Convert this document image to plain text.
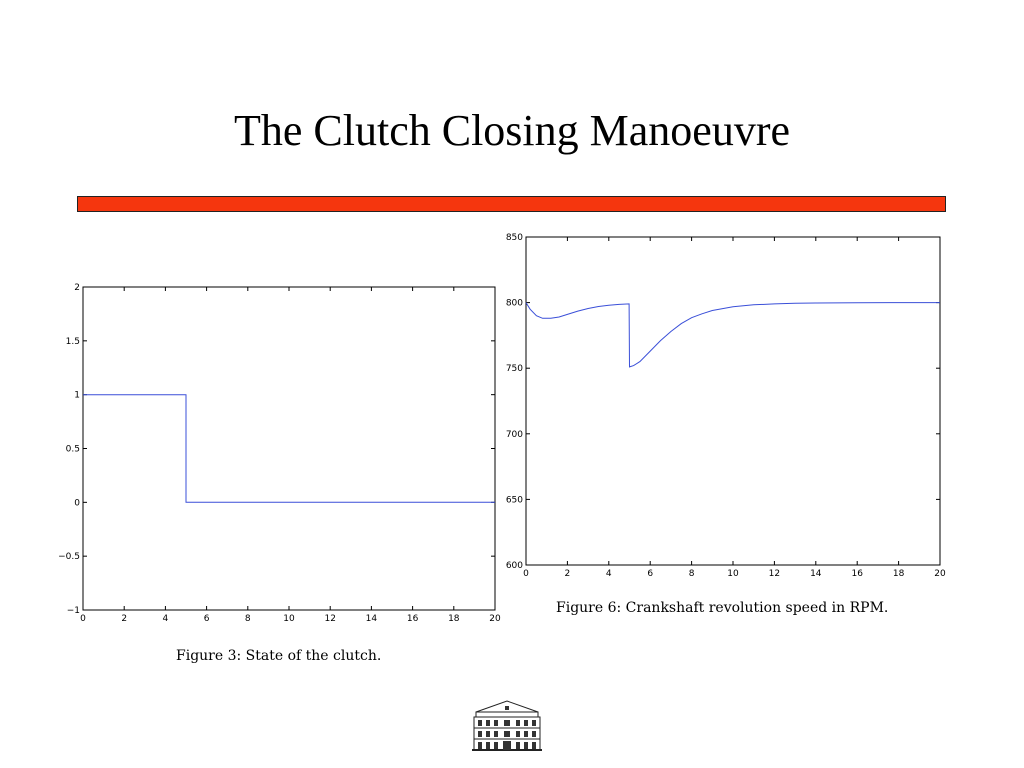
The Clutch Closing Manoeuvre
0	2	4	6	8	10	12	14	16	18	20
−1
−0.5
0
0.5
1
1.5
2
0	2	4	6	8	10	12	14	16	18	20
600
650
700
750
800
850
Figure 3: State of the clutch.
Figure 6: Crankshaft revolution speed in RPM.
